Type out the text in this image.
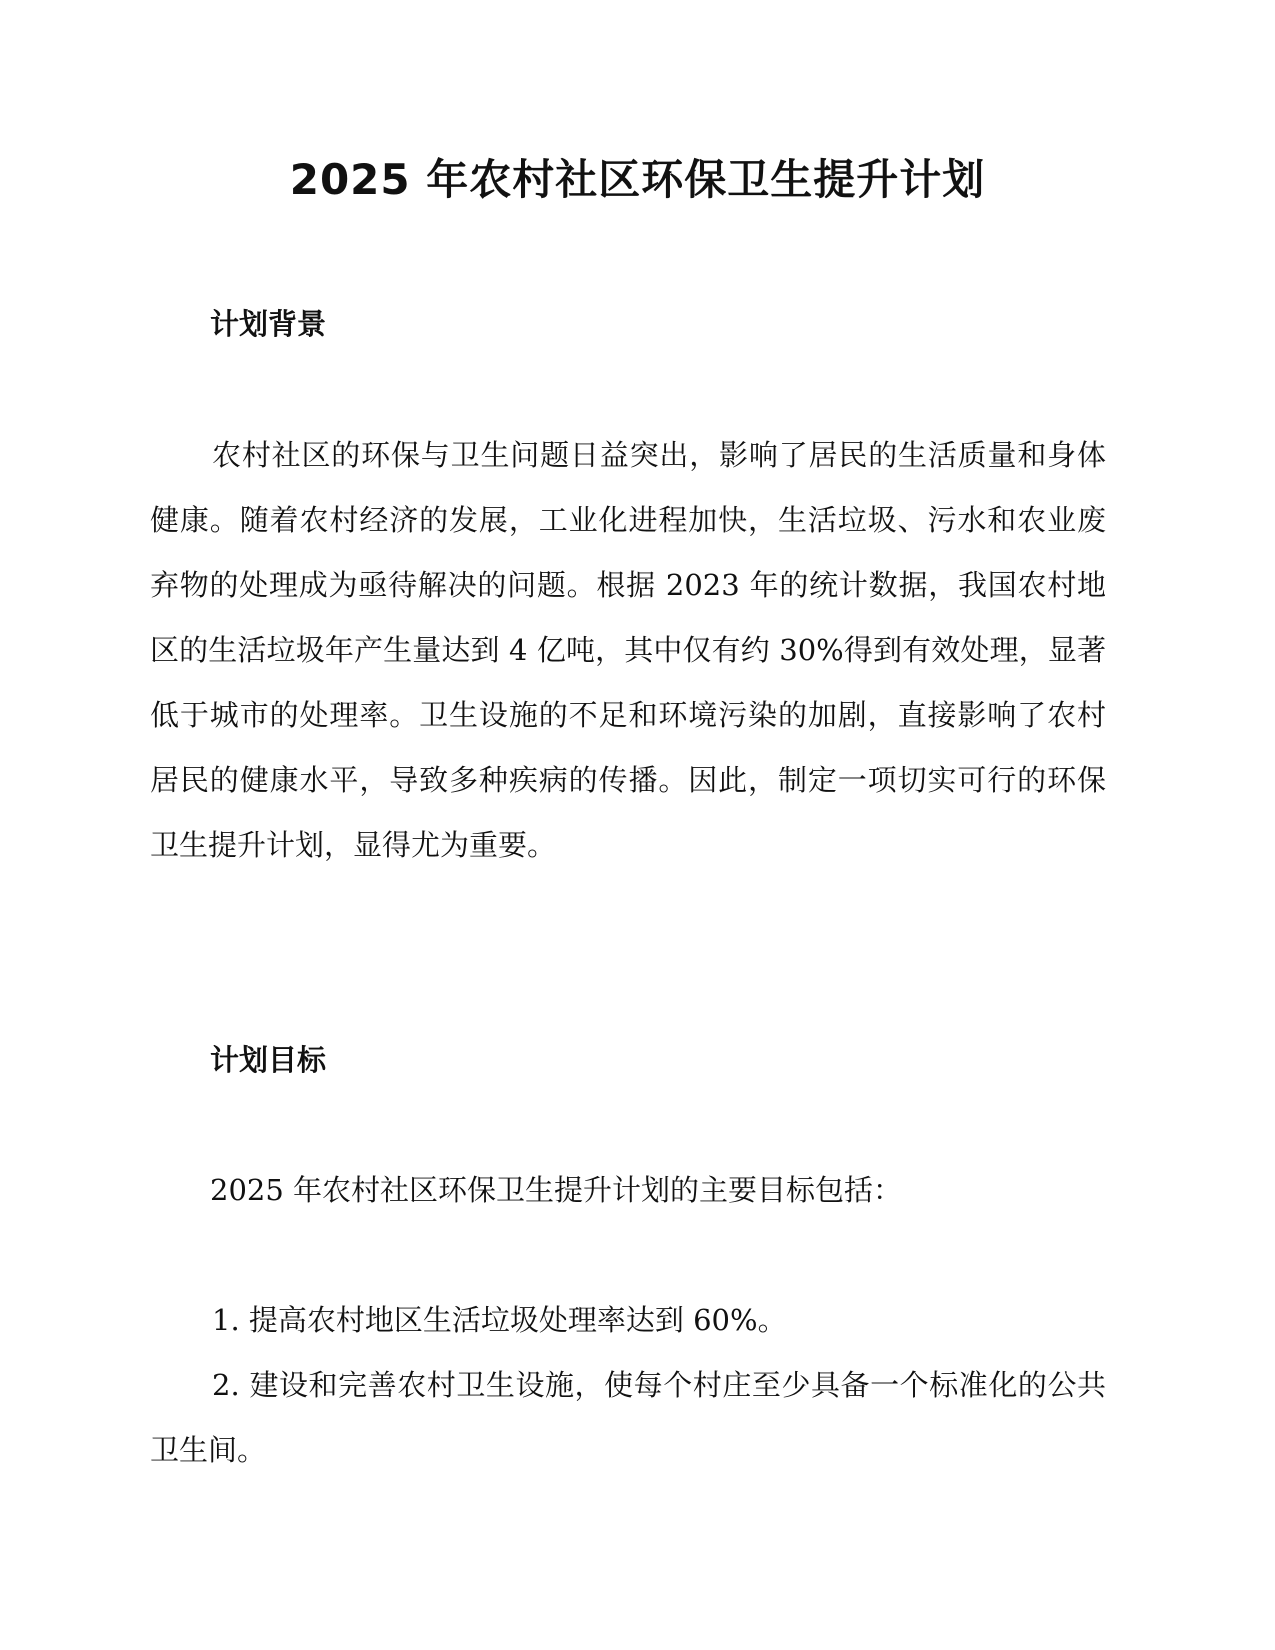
2025 年农村社区环保卫生提升计划
计划背景

农村社区的环保与卫生问题日益突出，影响了居民的生活质量和身体健康。随着农村经济的发展，工业化进程加快，生活垃圾、污水和农业废弃物的处理成为亟待解决的问题。根据 2023 年的统计数据，我国农村地区的生活垃圾年产生量达到 4 亿吨，其中仅有约 30%得到有效处理，显著低于城市的处理率。卫生设施的不足和环境污染的加剧，直接影响了农村居民的健康水平，导致多种疾病的传播。因此，制定一项切实可行的环保卫生提升计划，显得尤为重要。

计划目标

2025 年农村社区环保卫生提升计划的主要目标包括：

1. 提高农村地区生活垃圾处理率达到 60%。

2. 建设和完善农村卫生设施，使每个村庄至少具备一个标准化的公共卫生间。
